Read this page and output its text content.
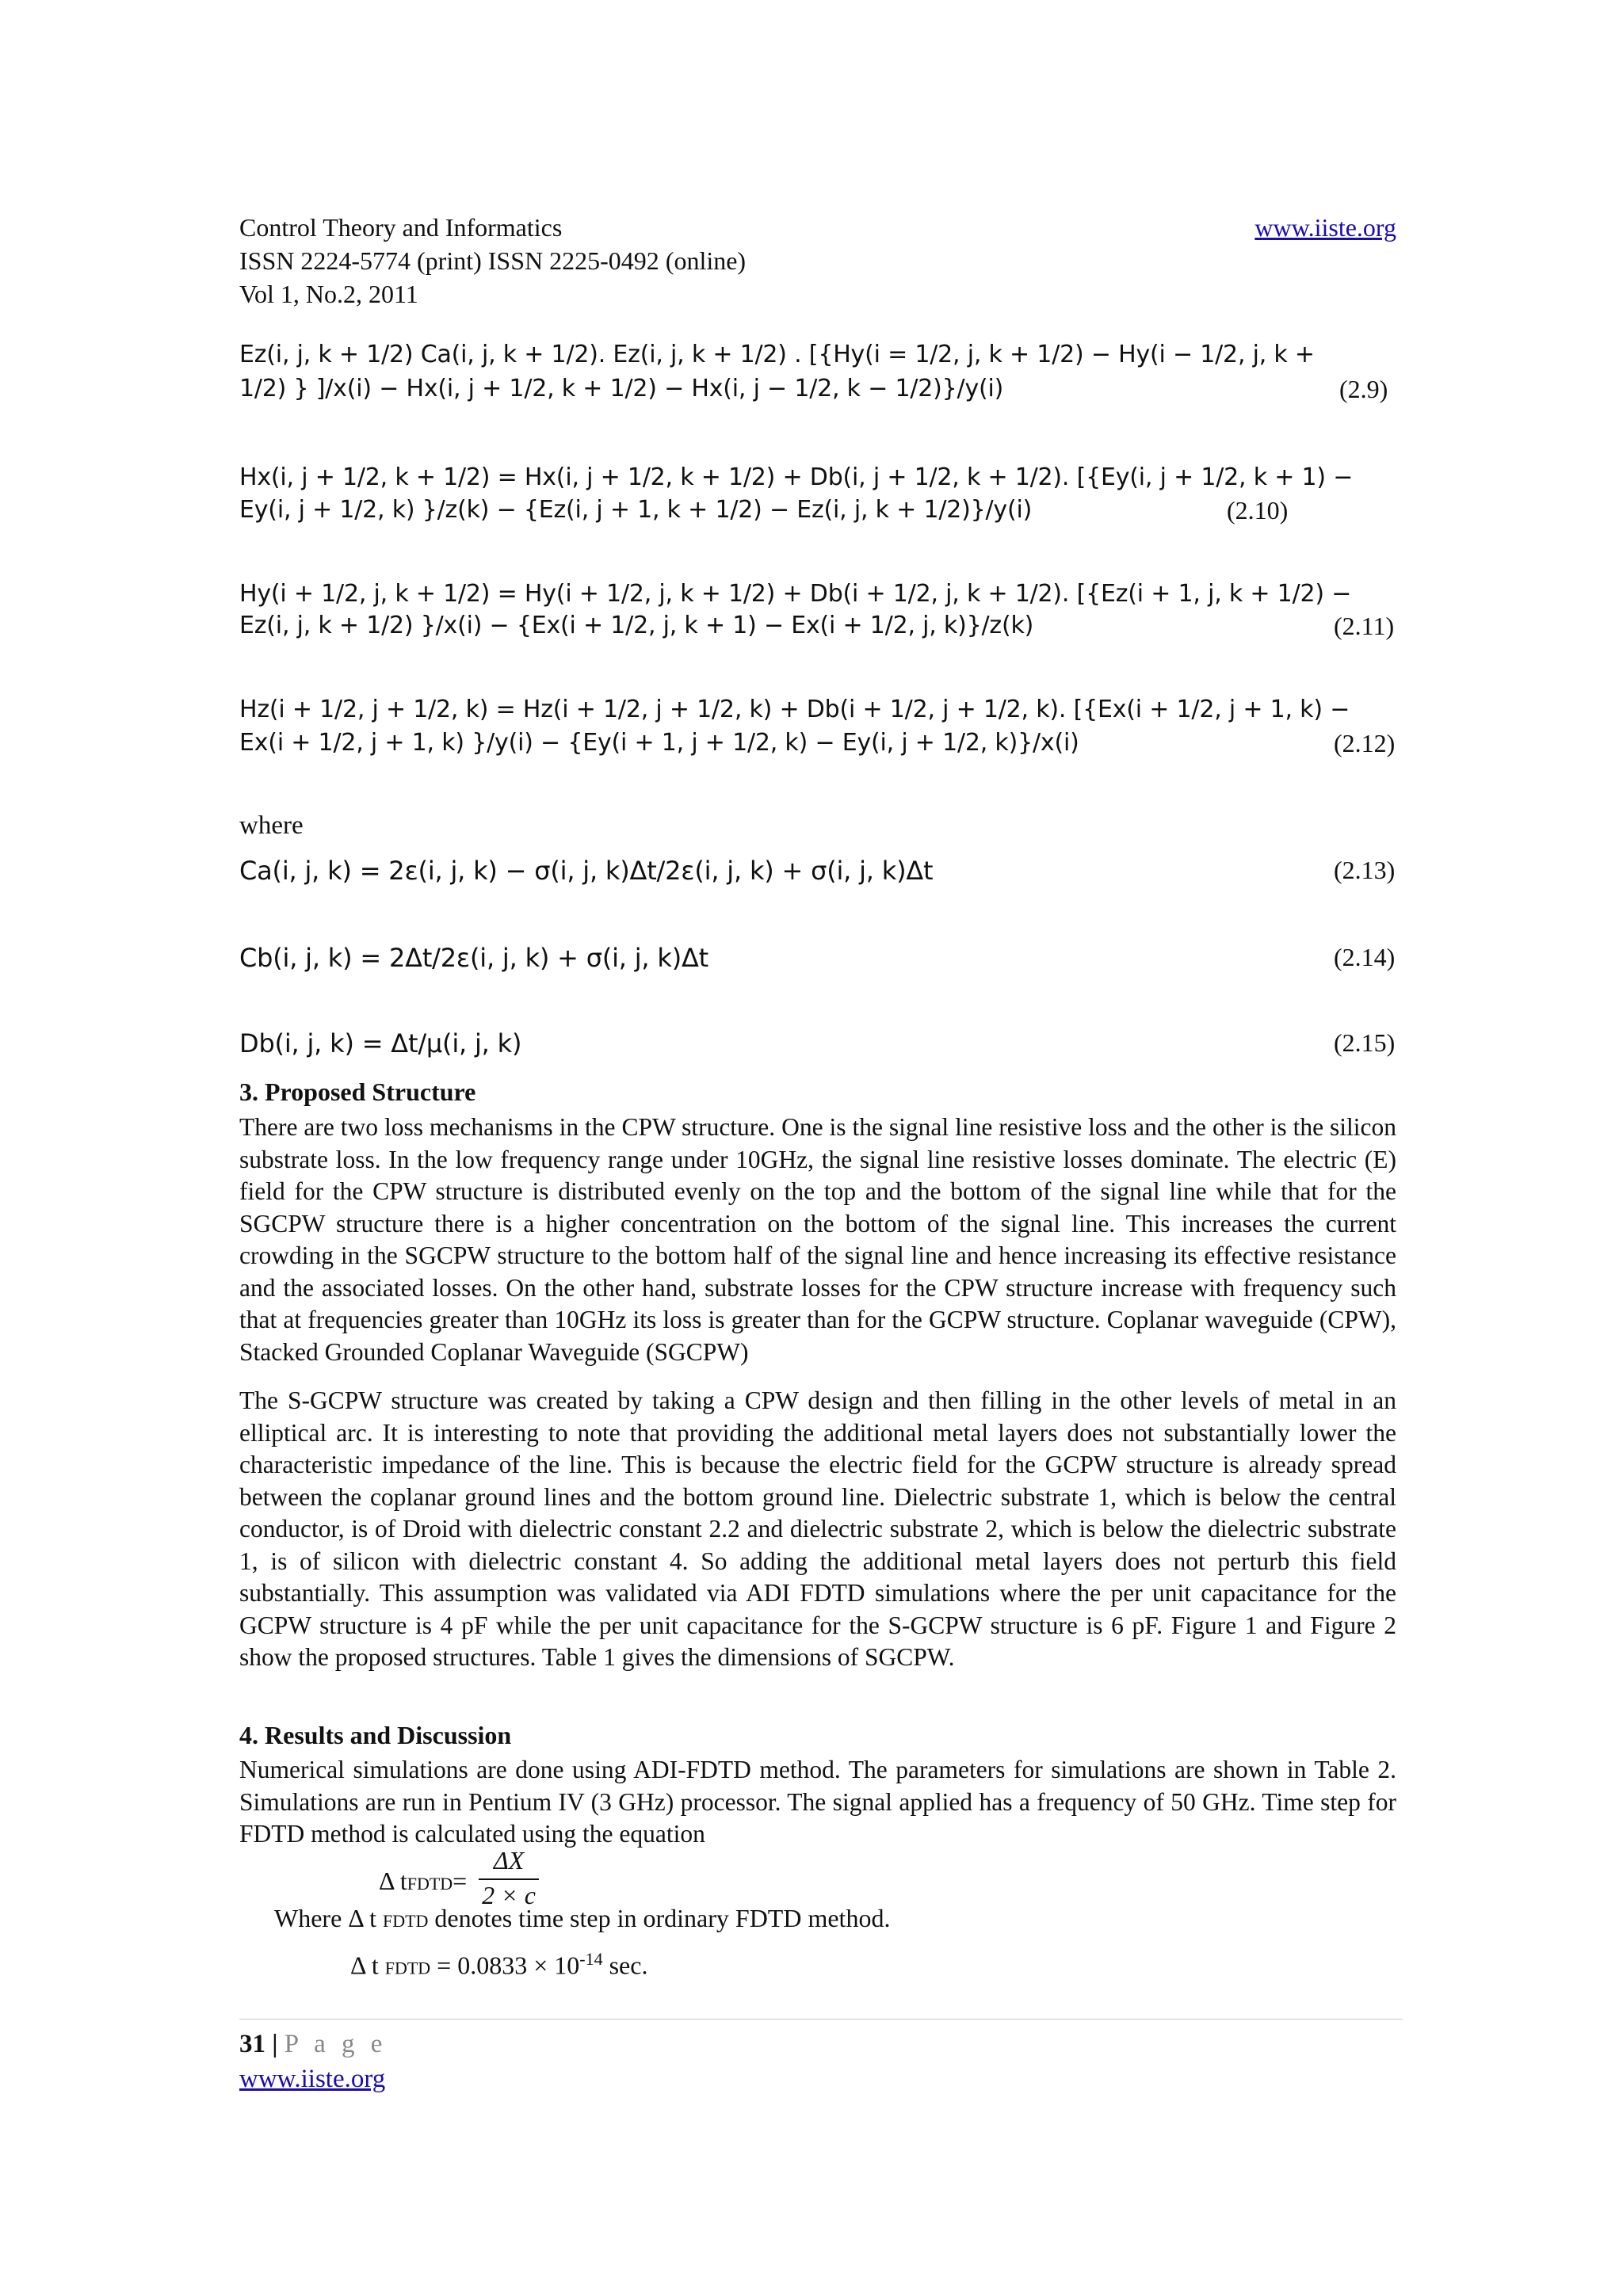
Control Theory and Informatics
ISSN 2224-5774 (print) ISSN 2225-0492 (online)
Vol 1, No.2, 2011
www.iiste.org
Ez(i, j, k + 1/2) Ca(i, j, k + 1/2). Ez(i, j, k + 1/2) . [{Hy(i = 1/2, j, k + 1/2) − Hy(i − 1/2, j, k +
1/2) } ]/x(i) − Hx(i, j + 1/2, k + 1/2) − Hx(i, j − 1/2, k − 1/2)}/y(i)	(2.9)
Hx(i, j + 1/2, k + 1/2) = Hx(i, j + 1/2, k + 1/2) + Db(i, j + 1/2, k + 1/2). [{Ey(i, j + 1/2, k + 1) −
Ey(i, j + 1/2, k) }/z(k) − {Ez(i, j + 1, k + 1/2) − Ez(i, j, k + 1/2)}/y(i)	(2.10)
Hy(i + 1/2, j, k + 1/2) = Hy(i + 1/2, j, k + 1/2) + Db(i + 1/2, j, k + 1/2). [{Ez(i + 1, j, k + 1/2) −
Ez(i, j, k + 1/2) }/x(i) − {Ex(i + 1/2, j, k + 1) − Ex(i + 1/2, j, k)}/z(k)	(2.11)
Hz(i + 1/2, j + 1/2, k) = Hz(i + 1/2, j + 1/2, k) + Db(i + 1/2, j + 1/2, k). [{Ex(i + 1/2, j + 1, k) −
Ex(i + 1/2, j + 1, k) }/y(i) − {Ey(i + 1, j + 1/2, k) − Ey(i, j + 1/2, k)}/x(i)	(2.12)
where
Ca(i, j, k) = 2ε(i, j, k) − σ(i, j, k)Δt/2ε(i, j, k) + σ(i, j, k)Δt	(2.13)
Cb(i, j, k) = 2Δt/2ε(i, j, k) + σ(i, j, k)Δt	(2.14)
Db(i, j, k) = Δt/μ(i, j, k)	(2.15)
3. Proposed Structure
There are two loss mechanisms in the CPW structure. One is the signal line resistive loss and the other is the silicon substrate loss. In the low frequency range under 10GHz, the signal line resistive losses dominate. The electric (E) field for the CPW structure is distributed evenly on the top and the bottom of the signal line while that for the SGCPW structure there is a higher concentration on the bottom of the signal line. This increases the current crowding in the SGCPW structure to the bottom half of the signal line and hence increasing its effective resistance and the associated losses. On the other hand, substrate losses for the CPW structure increase with frequency such that at frequencies greater than 10GHz its loss is greater than for the GCPW structure. Coplanar waveguide (CPW), Stacked Grounded Coplanar Waveguide (SGCPW)
The S-GCPW structure was created by taking a CPW design and then filling in the other levels of metal in an elliptical arc. It is interesting to note that providing the additional metal layers does not substantially lower the characteristic impedance of the line. This is because the electric field for the GCPW structure is already spread between the coplanar ground lines and the bottom ground line. Dielectric substrate 1, which is below the central conductor, is of Droid with dielectric constant 2.2 and dielectric substrate 2, which is below the dielectric substrate 1, is of silicon with dielectric constant 4. So adding the additional metal layers does not perturb this field substantially. This assumption was validated via ADI FDTD simulations where the per unit capacitance for the GCPW structure is 4 pF while the per unit capacitance for the S-GCPW structure is 6 pF. Figure 1 and Figure 2 show the proposed structures. Table 1 gives the dimensions of SGCPW.
4. Results and Discussion
Numerical simulations are done using ADI-FDTD method. The parameters for simulations are shown in Table 2. Simulations are run in Pentium IV (3 GHz) processor. The signal applied has a frequency of 50 GHz. Time step for FDTD method is calculated using the equation
Δ tFDTD=
ΔX
2 × c
Where Δ t FDTD denotes time step in ordinary FDTD method.
Δ t FDTD = $0.0833 \times 10^{-14}$ sec.
31 | P a g e
www.iiste.org
